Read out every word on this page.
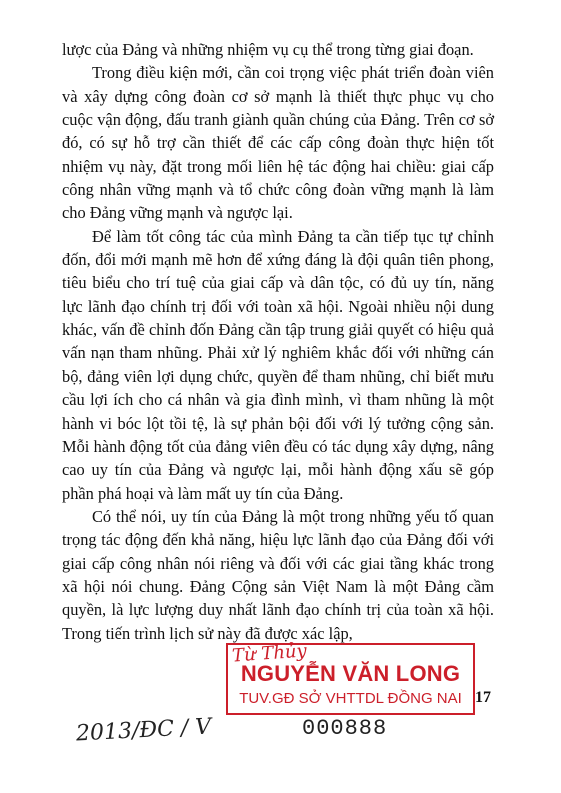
lược của Đảng và những nhiệm vụ cụ thể trong từng giai đoạn.

Trong điều kiện mới, cần coi trọng việc phát triển đoàn viên và xây dựng công đoàn cơ sở mạnh là thiết thực phục vụ cho cuộc vận động, đấu tranh giành quần chúng của Đảng. Trên cơ sở đó, có sự hỗ trợ cần thiết để các cấp công đoàn thực hiện tốt nhiệm vụ này, đặt trong mối liên hệ tác động hai chiều: giai cấp công nhân vững mạnh và tổ chức công đoàn vững mạnh là làm cho Đảng vững mạnh và ngược lại.

Để làm tốt công tác của mình Đảng ta cần tiếp tục tự chỉnh đốn, đổi mới mạnh mẽ hơn để xứng đáng là đội quân tiên phong, tiêu biểu cho trí tuệ của giai cấp và dân tộc, có đủ uy tín, năng lực lãnh đạo chính trị đối với toàn xã hội. Ngoài nhiều nội dung khác, vấn đề chỉnh đốn Đảng cần tập trung giải quyết có hiệu quả vấn nạn tham nhũng. Phải xử lý nghiêm khắc đối với những cán bộ, đảng viên lợi dụng chức, quyền để tham nhũng, chỉ biết mưu cầu lợi ích cho cá nhân và gia đình mình, vì tham nhũng là một hành vi bóc lột tồi tệ, là sự phản bội đối với lý tưởng cộng sản. Mỗi hành động tốt của đảng viên đều có tác dụng xây dựng, nâng cao uy tín của Đảng và ngược lại, mỗi hành động xấu sẽ góp phần phá hoại và làm mất uy tín của Đảng.

Có thể nói, uy tín của Đảng là một trong những yếu tố quan trọng tác động đến khả năng, hiệu lực lãnh đạo của Đảng đối với giai cấp công nhân nói riêng và đối với các giai tầng khác trong xã hội nói chung. Đảng Cộng sản Việt Nam là một Đảng cầm quyền, là lực lượng duy nhất lãnh đạo chính trị của toàn xã hội. Trong tiến trình lịch sử này đã được xác lập,

Từ Thủy
NGUYỄN VĂN LONG
TUV.GĐ SỞ VHTTDL ĐỒNG NAI 17
2013/ĐC / V	000888
